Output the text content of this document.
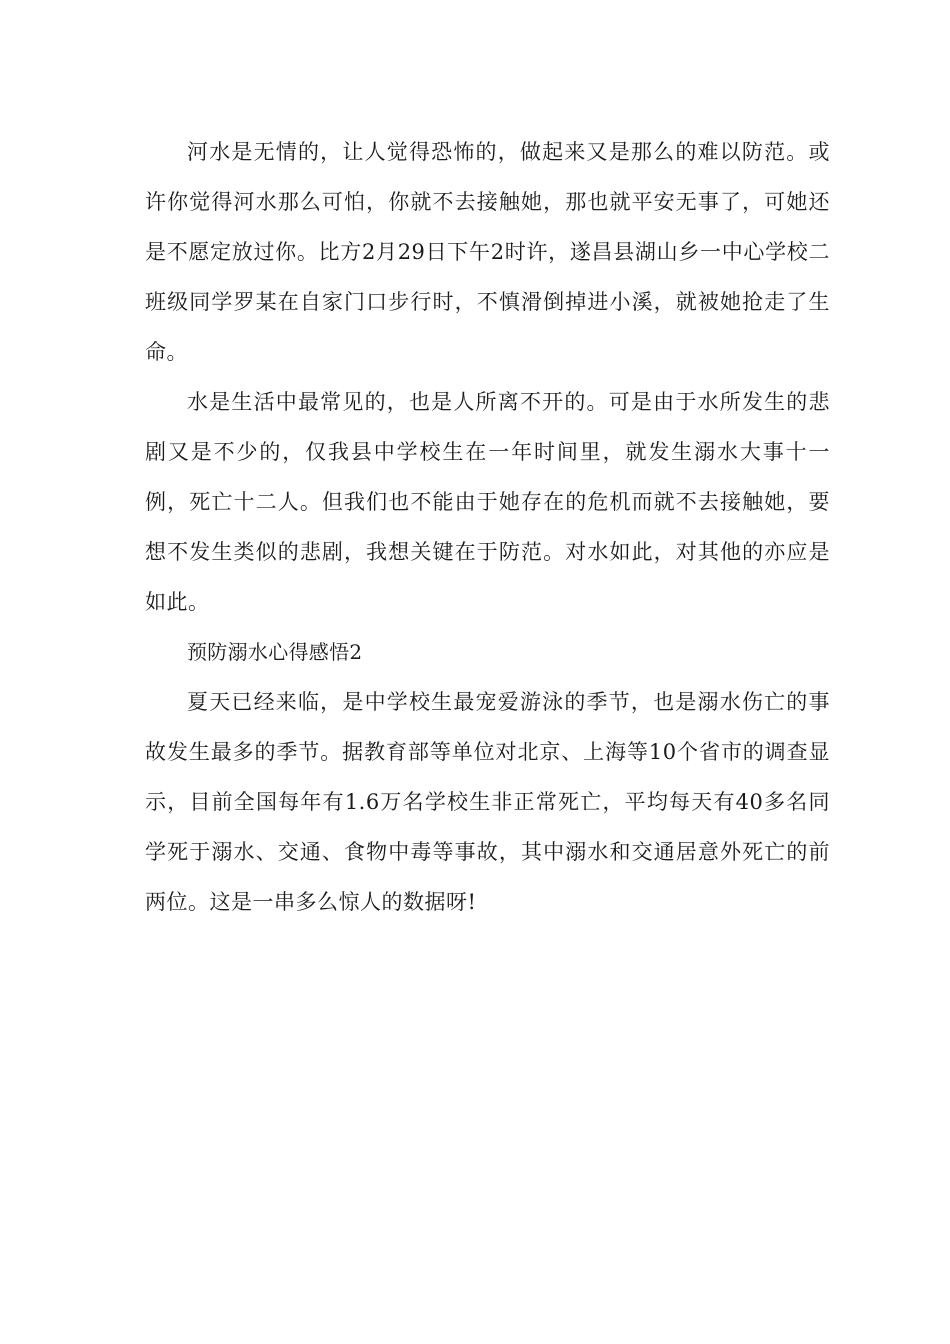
河水是无情的，让人觉得恐怖的，做起来又是那么的难以防范。或许你觉得河水那么可怕，你就不去接触她，那也就平安无事了，可她还是不愿定放过你。比方2月29日下午2时许，遂昌县湖山乡一中心学校二班级同学罗某在自家门口步行时，不慎滑倒掉进小溪，就被她抢走了生命。

水是生活中最常见的，也是人所离不开的。可是由于水所发生的悲剧又是不少的，仅我县中学校生在一年时间里，就发生溺水大事十一例，死亡十二人。但我们也不能由于她存在的危机而就不去接触她，要想不发生类似的悲剧，我想关键在于防范。对水如此，对其他的亦应是如此。

预防溺水心得感悟2

夏天已经来临，是中学校生最宠爱游泳的季节，也是溺水伤亡的事故发生最多的季节。据教育部等单位对北京、上海等10个省市的调查显示，目前全国每年有1.6万名学校生非正常死亡，平均每天有40多名同学死于溺水、交通、食物中毒等事故，其中溺水和交通居意外死亡的前两位。这是一串多么惊人的数据呀!
